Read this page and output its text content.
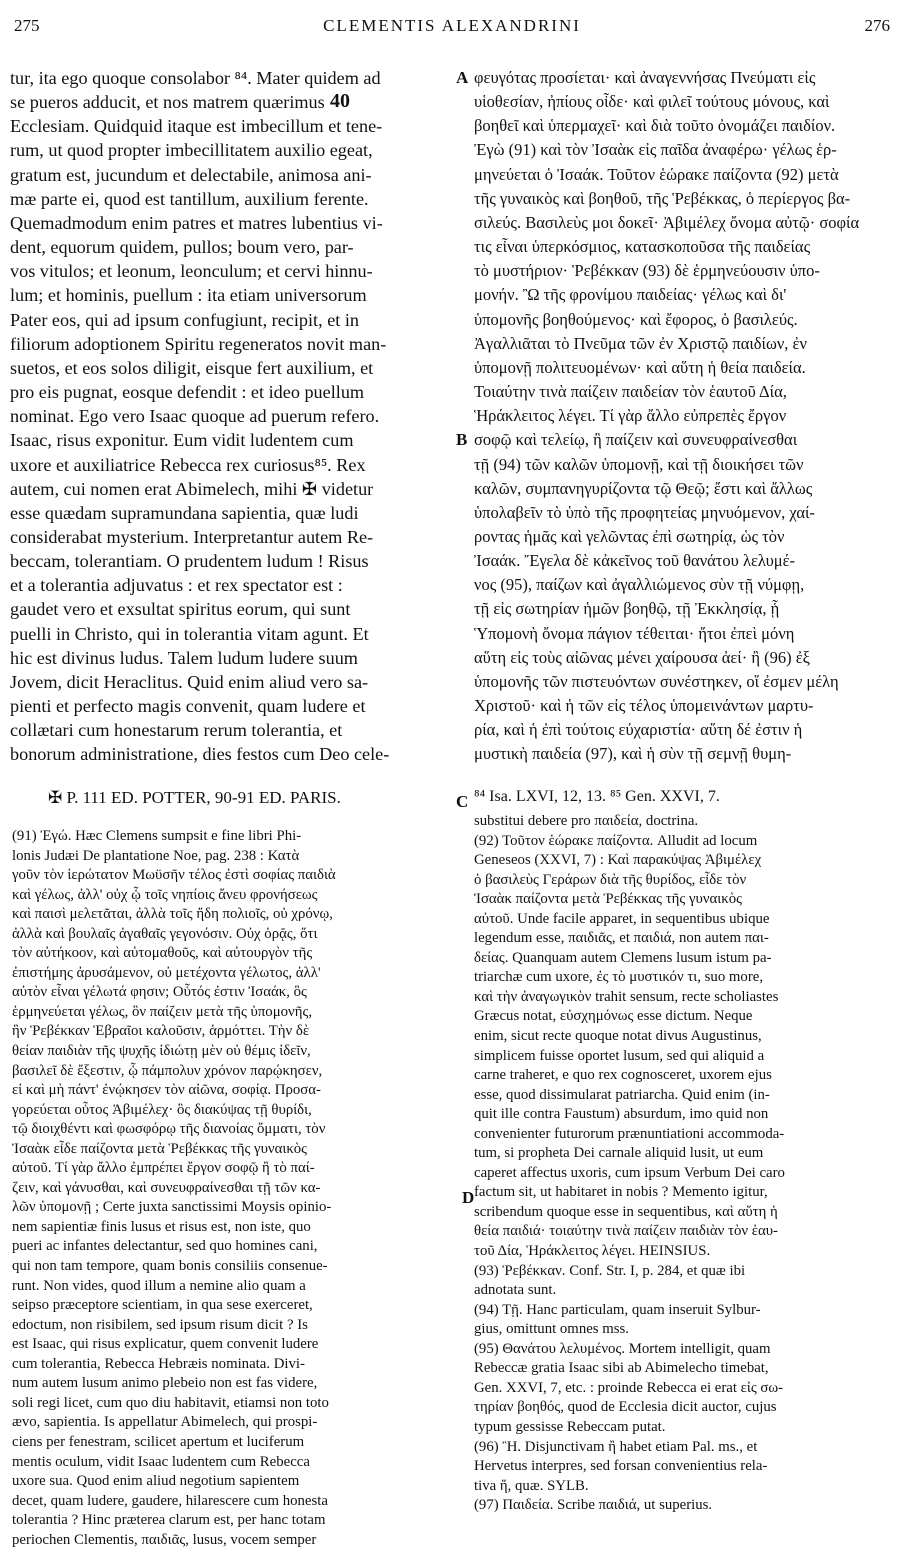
275	CLEMENTIS ALEXANDRINI	276
tur, ita ego quoque consolabor ⁸⁴. Mater quidem ad
se pueros adducit, et nos matrem quærimus
Ecclesiam. Quidquid itaque est imbecillum et tene-
rum, ut quod propter imbecillitatem auxilio egeat,
gratum est, jucundum et delectabile, animosa ani-
mæ parte ei, quod est tantillum, auxilium ferente.
Quemadmodum enim patres et matres lubentius vi-
dent, equorum quidem, pullos; boum vero, par-
vos vitulos; et leonum, leonculum; et cervi hinnu-
lum; et hominis, puellum : ita etiam universorum
Pater eos, qui ad ipsum confugiunt, recipit, et in
filiorum adoptionem Spiritu regeneratos novit man-
suetos, et eos solos diligit, eisque fert auxilium, et
pro eis pugnat, eosque defendit : et ideo puellum
nominat. Ego vero Isaac quoque ad puerum refero.
Isaac, risus exponitur. Eum vidit ludentem cum
uxore et auxiliatrice Rebecca rex curiosus⁸⁵. Rex
autem, cui nomen erat Abimelech, mihi ✠ videtur
esse quædam supramundana sapientia, quæ ludi
considerabat mysterium. Interpretantur autem Re-
beccam, tolerantiam. O prudentem ludum ! Risus
et a tolerantia adjuvatus : et rex spectator est :
gaudet vero et exsultat spiritus eorum, qui sunt
puelli in Christo, qui in tolerantia vitam agunt. Et
hic est divinus ludus. Talem ludum ludere suum
Jovem, dicit Heraclitus. Quid enim aliud vero sa-
pienti et perfecto magis convenit, quam ludere et
collætari cum honestarum rerum tolerantia, et
bonorum administratione, dies festos cum Deo cele-
φευγότας προσίεται· καὶ ἀναγεννήσας Πνεύματι εἰς
υἱοθεσίαν, ἠπίους οἶδε· καὶ φιλεῖ τούτους μόνους, καὶ
βοηθεῖ καὶ ὑπερμαχεῖ· καὶ διὰ τοῦτο ὀνομάζει παιδίον.
Ἐγὼ (91) καὶ τὸν Ἰσαὰκ εἰς παῖδα ἀναφέρω· γέλως ἑρ-
μηνεύεται ὁ Ἰσαάκ. Τοῦτον ἑώρακε παίζοντα (92) μετὰ
τῆς γυναικὸς καὶ βοηθοῦ, τῆς Ῥεβέκκας, ὁ περίεργος βα-
σιλεύς. Βασιλεὺς μοι δοκεῖ· Ἀβιμέλεχ ὄνομα αὐτῷ· σοφία
τις εἶναι ὑπερκόσμιος, κατασκοποῦσα τῆς παιδείας
τὸ μυστήριον· Ῥεβέκκαν (93) δὲ ἑρμηνεύουσιν ὑπο-
μονήν. Ὢ τῆς φρονίμου παιδείας· γέλως καὶ δι'
ὑπομονῆς βοηθούμενος· καὶ ἔφορος, ὁ βασιλεύς.
Ἀγαλλιᾶται τὸ Πνεῦμα τῶν ἐν Χριστῷ παιδίων, ἐν
ὑπομονῇ πολιτευομένων· καὶ αὕτη ἡ θεία παιδεία.
Τοιαύτην τινὰ παίζειν παιδείαν τὸν ἑαυτοῦ Δία,
Ἡράκλειτος λέγει. Τί γὰρ ἄλλο εὐπρεπὲς ἔργον
σοφῷ καὶ τελείῳ, ἢ παίζειν καὶ συνευφραίνεσθαι
τῇ (94) τῶν καλῶν ὑπομονῇ, καὶ τῇ διοικήσει τῶν
καλῶν, συμπανηγυρίζοντα τῷ Θεῷ; ἔστι καὶ ἄλλως
ὑπολαβεῖν τὸ ὑπὸ τῆς προφητείας μηνυόμενον, χαί-
ροντας ἡμᾶς καὶ γελῶντας ἐπὶ σωτηρίᾳ, ὡς τὸν
Ἰσαάκ. Ἔγελα δὲ κἀκεῖνος τοῦ θανάτου λελυμέ-
νος (95), παίζων καὶ ἀγαλλιώμενος σὺν τῇ νύμφῃ,
τῇ εἰς σωτηρίαν ἡμῶν βοηθῷ, τῇ Ἐκκλησίᾳ, ᾗ
Ὑπομονὴ ὄνομα πάγιον τέθειται· ἤτοι ἐπεὶ μόνη
αὕτη εἰς τοὺς αἰῶνας μένει χαίρουσα ἀεί· ἢ (96) ἐξ
ὑπομονῆς τῶν πιστευόντων συνέστηκεν, οἵ ἐσμεν μέλη
Χριστοῦ· καὶ ἡ τῶν εἰς τέλος ὑπομεινάντων μαρτυ-
ρία, καὶ ἡ ἐπὶ τούτοις εὐχαριστία· αὕτη δέ ἐστιν ἡ
μυστικὴ παιδεία (97), καὶ ἡ σὺν τῇ σεμνῇ θυμη-
40
A
B
C
D
✠ P. 111 ED. POTTER, 90-91 ED. PARIS.	⁸⁴ Isa. LXVI, 12, 13. ⁸⁵ Gen. XXVI, 7.
(91) Ἐγώ. Hæc Clemens sumpsit e fine libri Phi-
lonis Judæi De plantatione Noe, pag. 238 : Κατὰ
γοῦν τὸν ἱερώτατον Μωϋσῆν τέλος ἐστὶ σοφίας παιδιὰ
καὶ γέλως, ἀλλ' οὐχ ᾧ τοῖς νηπίοις ἄνευ φρονήσεως
καὶ παισὶ μελετᾶται, ἀλλὰ τοῖς ἤδη πολιοῖς, οὐ χρόνῳ,
ἀλλὰ καὶ βουλαῖς ἀγαθαῖς γεγονόσιν. Οὐχ ὁρᾷς, ὅτι
τὸν αὐτήκοον, καὶ αὐτομαθοῦς, καὶ αὐτουργὸν τῆς
ἐπιστήμης ἀρυσάμενον, οὐ μετέχοντα γέλωτος, ἀλλ'
αὐτὸν εἶναι γέλωτά φησιν; Οὗτός ἐστιν Ἰσαάκ, ὃς
ἑρμηνεύεται γέλως, ὃν παίζειν μετὰ τῆς ὑπομονῆς,
ἣν Ῥεβέκκαν Ἑβραῖοι καλοῦσιν, ἁρμόττει. Τὴν δὲ
θείαν παιδιὰν τῆς ψυχῆς ἰδιώτῃ μὲν οὐ θέμις ἰδεῖν,
βασιλεῖ δὲ ἔξεστιν, ᾧ πάμπολυν χρόνον παρῴκησεν,
εἰ καὶ μὴ πάντ' ἐνῴκησεν τὸν αἰῶνα, σοφίᾳ. Προσα-
γορεύεται οὗτος Ἀβιμέλεχ· ὃς διακύψας τῇ θυρίδι,
τῷ διοιχθέντι καὶ φωσφόρῳ τῆς διανοίας ὄμματι, τὸν
Ἰσαὰκ εἶδε παίζοντα μετὰ Ῥεβέκκας τῆς γυναικὸς
αὐτοῦ. Τί γὰρ ἄλλο ἐμπρέπει ἔργον σοφῷ ἢ τὸ παί-
ζειν, καὶ γάνυσθαι, καὶ συνευφραίνεσθαι τῇ τῶν κα-
λῶν ὑπομονῇ ; Certe juxta sanctissimi Moysis opinio-
nem sapientiæ finis lusus et risus est, non iste, quo
pueri ac infantes delectantur, sed quo homines cani,
qui non tam tempore, quam bonis consiliis consenue-
runt. Non vides, quod illum a nemine alio quam a
seipso præceptore scientiam, in qua sese exerceret,
edoctum, non risibilem, sed ipsum risum dicit ? Is
est Isaac, qui risus explicatur, quem convenit ludere
cum tolerantia, Rebecca Hebræis nominata. Divi-
num autem lusum animo plebeio non est fas videre,
soli regi licet, cum quo diu habitavit, etiamsi non toto
ævo, sapientia. Is appellatur Abimelech, qui prospi-
ciens per fenestram, scilicet apertum et luciferum
mentis oculum, vidit Isaac ludentem cum Rebecca
uxore sua. Quod enim aliud negotium sapientem
decet, quam ludere, gaudere, hilarescere cum honesta
tolerantia ? Hinc præterea clarum est, per hanc totam
periochen Clementis, παιδιᾶς, lusus, vocem semper
substitui debere pro παιδεία, doctrina.
(92) Τοῦτον ἑώρακε παίζοντα. Alludit ad locum
Geneseos (XXVI, 7) : Καὶ παρακύψας Ἀβιμέλεχ
ὁ βασιλεὺς Γεράρων διὰ τῆς θυρίδος, εἶδε τὸν
Ἰσαὰκ παίζοντα μετὰ Ῥεβέκκας τῆς γυναικὸς
αὐτοῦ. Unde facile apparet, in sequentibus ubique
legendum esse, παιδιᾶς, et παιδιά, non autem παι-
δείας. Quanquam autem Clemens lusum istum pa-
triarchæ cum uxore, ἐς τὸ μυστικόν τι, suo more,
καὶ τὴν ἀναγωγικὸν trahit sensum, recte scholiastes
Græcus notat, εὐσχημόνως esse dictum. Neque
enim, sicut recte quoque notat divus Augustinus,
simplicem fuisse oportet lusum, sed qui aliquid a
carne traheret, e quo rex cognosceret, uxorem ejus
esse, quod dissimularat patriarcha. Quid enim (in-
quit ille contra Faustum) absurdum, imo quid non
convenienter futurorum prænuntiationi accommoda-
tum, si propheta Dei carnale aliquid lusit, ut eum
caperet affectus uxoris, cum ipsum Verbum Dei caro
factum sit, ut habitaret in nobis ? Memento igitur,
scribendum quoque esse in sequentibus, καὶ αὕτη ἡ
θεία παιδιά· τοιαύτην τινὰ παίζειν παιδιὰν τὸν ἑαυ-
τοῦ Δία, Ἡράκλειτος λέγει. HEINSIUS.
(93) Ῥεβέκκαν. Conf. Str. I, p. 284, et quæ ibi
adnotata sunt.
(94) Τῇ. Hanc particulam, quam inseruit Sylbur-
gius, omittunt omnes mss.
(95) Θανάτου λελυμένος. Mortem intelligit, quam
Rebeccæ gratia Isaac sibi ab Abimelecho timebat,
Gen. XXVI, 7, etc. : proinde Rebecca ei erat εἰς σω-
τηρίαν βοηθός, quod de Ecclesia dicit auctor, cujus
typum gessisse Rebeccam putat.
(96) Ἢ. Disjunctivam ἢ habet etiam Pal. ms., et
Hervetus interpres, sed forsan convenientius rela-
tiva ἥ, quæ. SYLB.
(97) Παιδεία. Scribe παιδιά, ut superius.
